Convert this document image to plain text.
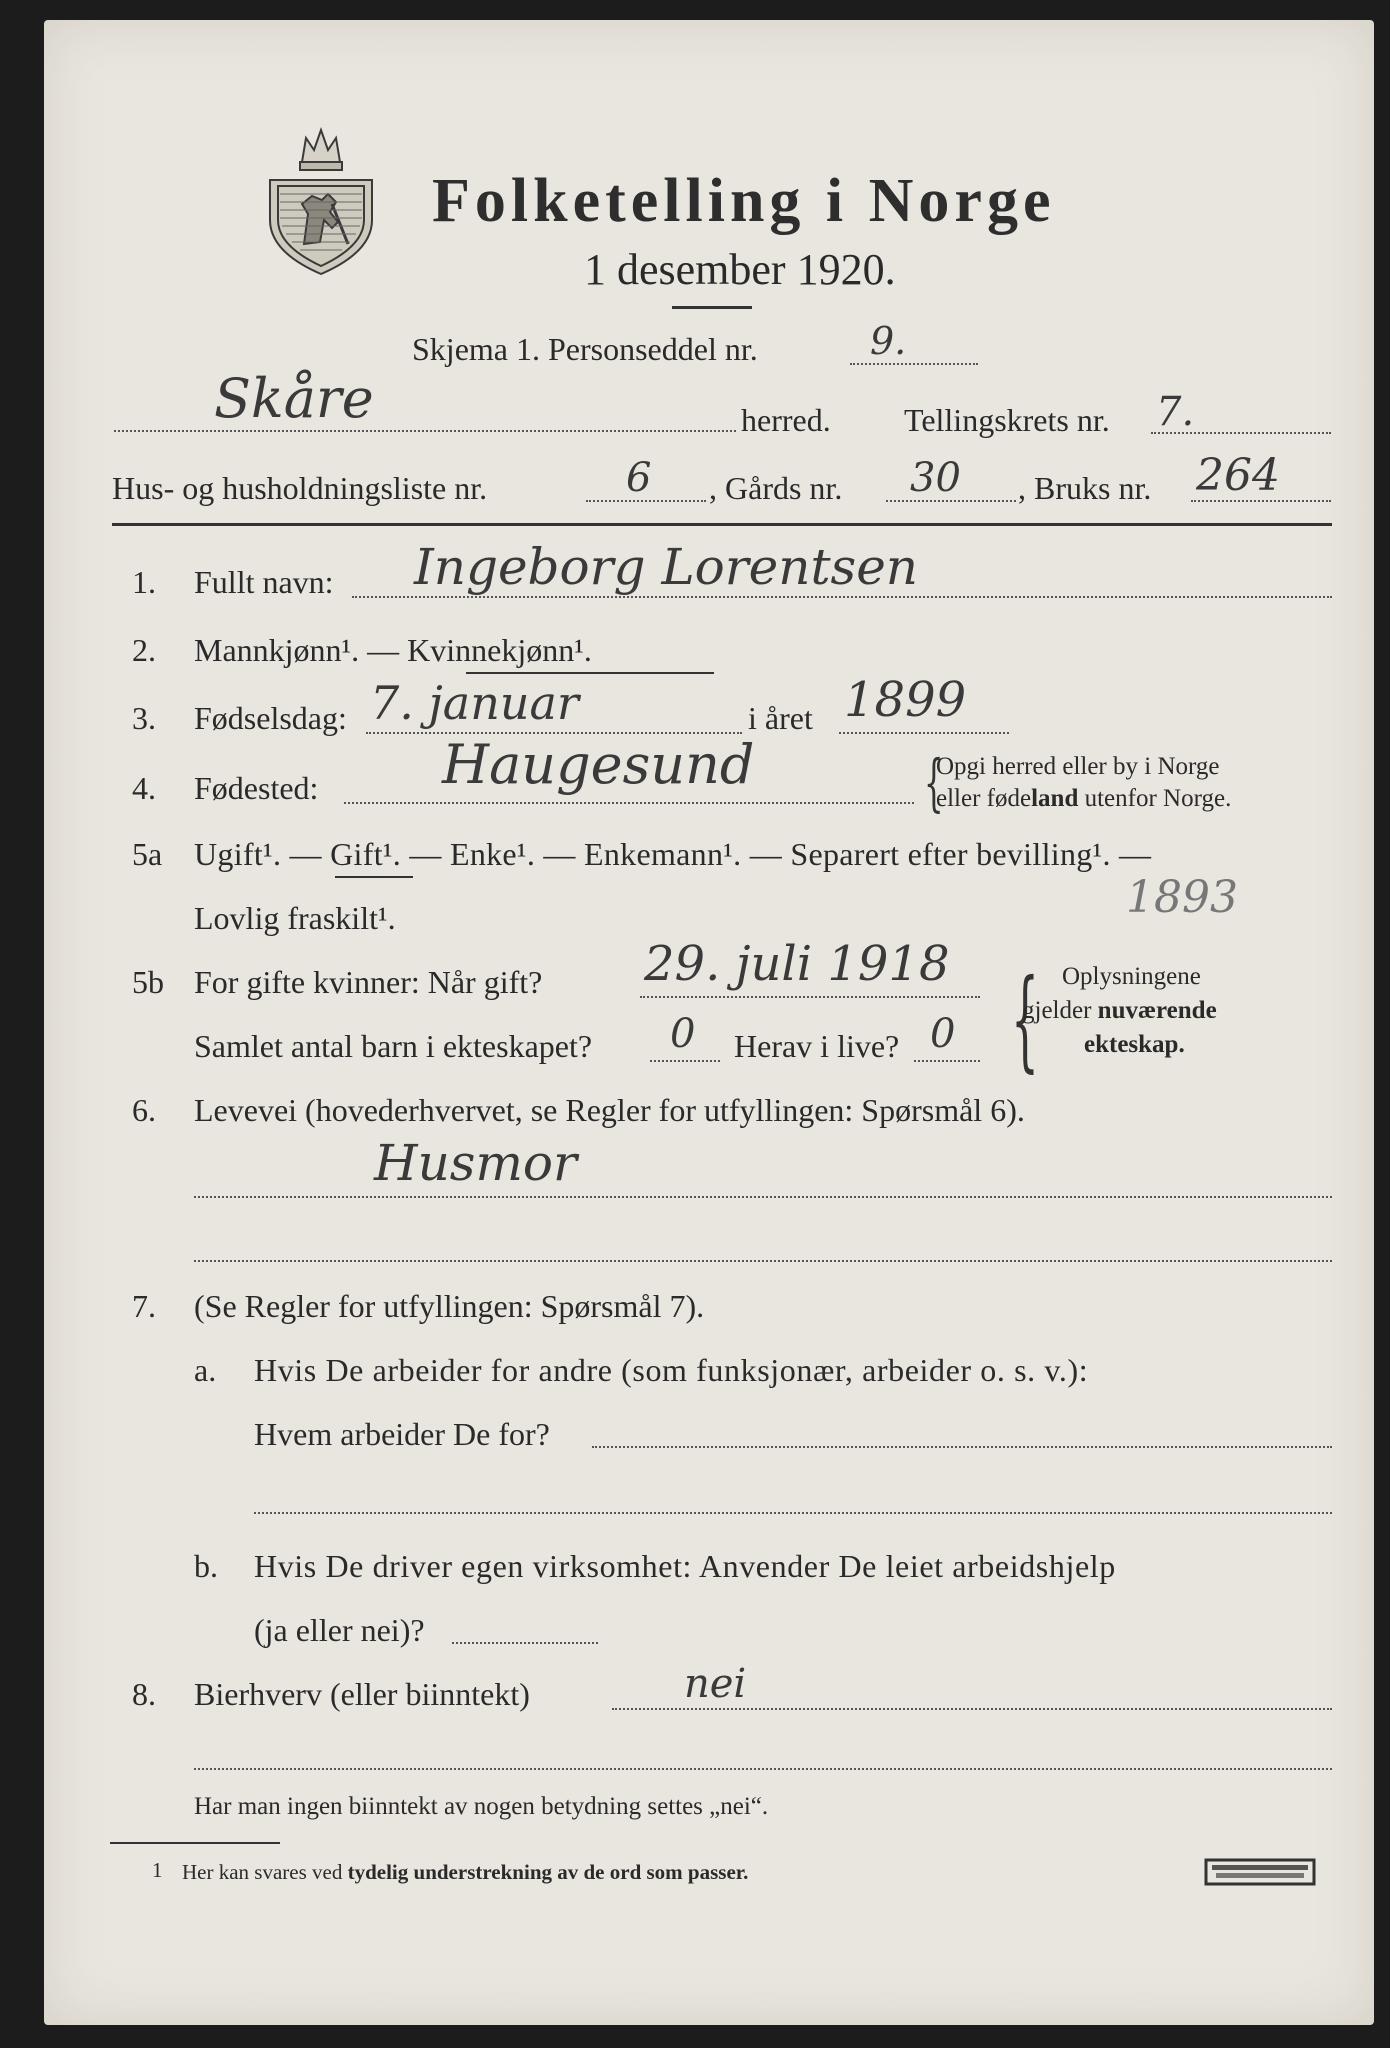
Folketelling i Norge
1 desember 1920.
Skjema 1. Personseddel nr.	9.
Skåre	herred. Tellingskrets nr. 7.
Hus- og husholdningsliste nr.	6 , Gårds nr. 30 , Bruks nr. 264
1. Fullt navn: Ingeborg Lorentsen
2. Mannkjønn¹. — Kvinnekjønn¹.
3. Fødselsdag: 7. januar	i året 1899
4. Fødested: Haugesund	{
Opgi herred eller by i Norge
eller fødeland utenfor Norge.
5a Ugift¹. — Gift¹. — Enke¹. — Enkemann¹. — Separert efter bevilling¹. —
Lovlig fraskilt¹.	1893
5b For gifte kvinner: Når gift? 29. juli 1918
Samlet antal barn i ekteskapet? 0 Herav i live? 0 { Oplysningene
gjelder nuværende
ekteskap.
6. Levevei (hovederhvervet, se Regler for utfyllingen: Spørsmål 6).
Husmor
7. (Se Regler for utfyllingen: Spørsmål 7).
a. Hvis De arbeider for andre (som funksjonær, arbeider o. s. v.):
Hvem arbeider De for?
b. Hvis De driver egen virksomhet: Anvender De leiet arbeidshjelp
(ja eller nei)?
8. Bierhverv (eller biinntekt)	nei
Har man ingen biinntekt av nogen betydning settes „nei“.
1 Her kan svares ved tydelig understrekning av de ord som passer.
